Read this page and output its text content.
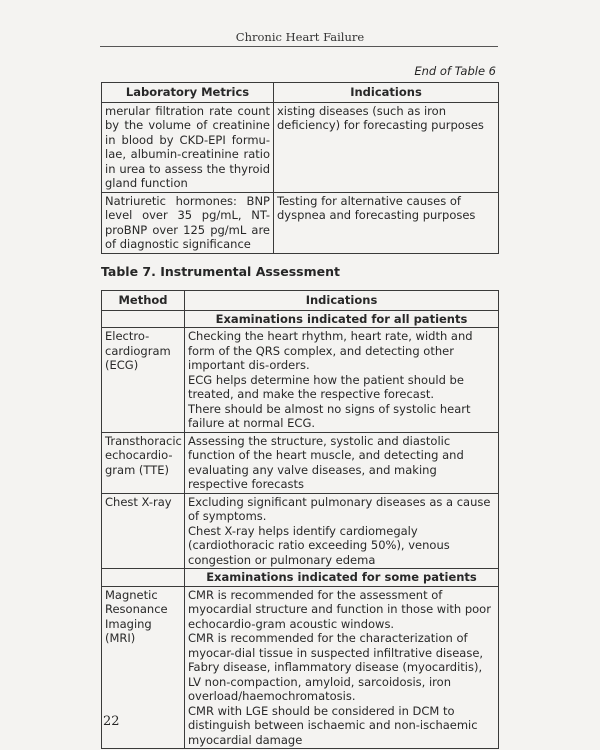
Chronic Heart Failure
End of Table 6
Laboratory Metrics	Indications
merular filtration rate count by the volume of creatinine in blood by CKD-EPI formu-lae, albumin-creatinine ratio in urea to assess the thyroid gland function	xisting diseases (such as iron deficiency) for forecasting purposes
Natriuretic hormones: BNP level over 35 pg/mL, NT-proBNP over 125 pg/mL are of diagnostic significance	Testing for alternative causes of dyspnea and forecasting purposes
Table 7. Instrumental Assessment
Method	Indications
	Examinations indicated for all patients
Electro-cardiogram (ECG)	Checking the heart rhythm, heart rate, width and form of the QRS complex, and detecting other important dis-orders.
ECG helps determine how the patient should be treated, and make the respective forecast.
There should be almost no signs of systolic heart failure at normal ECG.

Transthoracic echocardio-gram (TTE)	Assessing the structure, systolic and diastolic function of the heart muscle, and detecting and evaluating any valve diseases, and making respective forecasts

Chest X-ray	Excluding significant pulmonary diseases as a cause of symptoms.
Chest X-ray helps identify cardiomegaly (cardiothoracic ratio exceeding 50%), venous congestion or pulmonary edema

	Examinations indicated for some patients
Magnetic Resonance Imaging (MRI)	CMR is recommended for the assessment of myocardial structure and function in those with poor echocardio-gram acoustic windows.
CMR is recommended for the characterization of myocar-dial tissue in suspected infiltrative disease, Fabry disease, inflammatory disease (myocarditis), LV non-compaction, amyloid, sarcoidosis, iron overload/haemochromatosis.
CMR with LGE should be considered in DCM to distinguish between ischaemic and non-ischaemic myocardial damage
22
